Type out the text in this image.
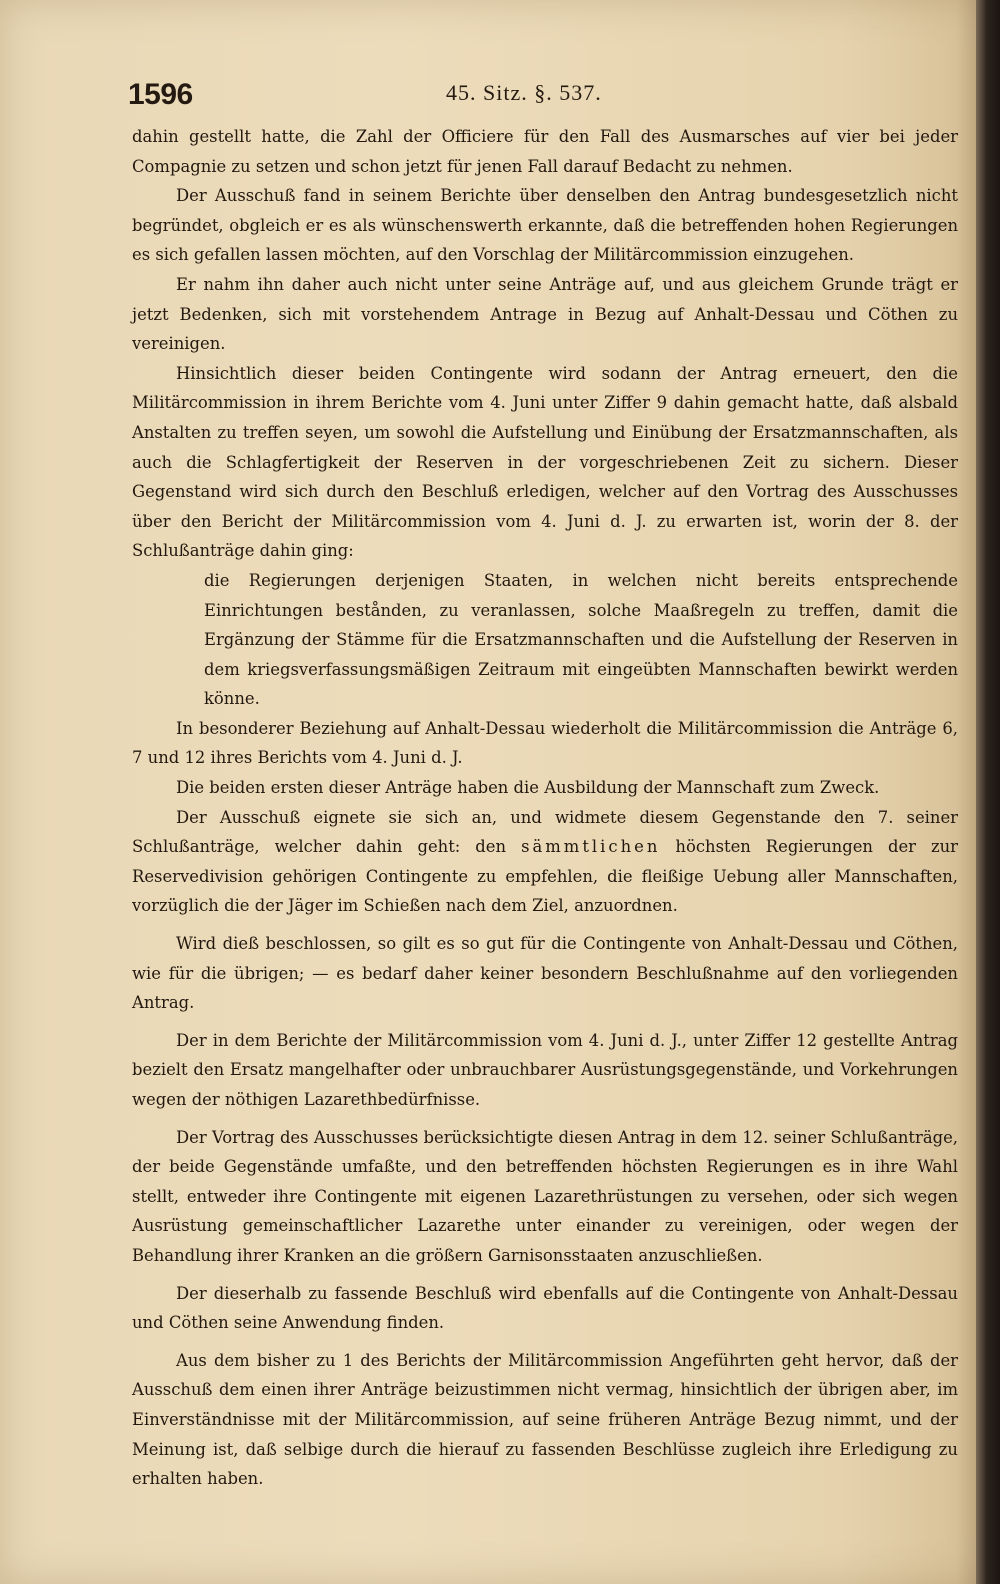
1596	45. Sitz. §. 537.

dahin gestellt hatte, die Zahl der Officiere für den Fall des Ausmarsches auf vier bei jeder Compagnie zu setzen und schon jetzt für jenen Fall darauf Bedacht zu nehmen.

Der Ausschuß fand in seinem Berichte über denselben den Antrag bundesgesetzlich nicht begründet, obgleich er es als wünschenswerth erkannte, daß die betreffenden hohen Regierungen es sich gefallen lassen möchten, auf den Vorschlag der Militärcommission einzugehen.

Er nahm ihn daher auch nicht unter seine Anträge auf, und aus gleichem Grunde trägt er jetzt Bedenken, sich mit vorstehendem Antrage in Bezug auf Anhalt-Dessau und Cöthen zu vereinigen.

Hinsichtlich dieser beiden Contingente wird sodann der Antrag erneuert, den die Militärcommission in ihrem Berichte vom 4. Juni unter Ziffer 9 dahin gemacht hatte, daß alsbald Anstalten zu treffen seyen, um sowohl die Aufstellung und Einübung der Ersatzmannschaften, als auch die Schlagfertigkeit der Reserven in der vorgeschriebenen Zeit zu sichern. Dieser Gegenstand wird sich durch den Beschluß erledigen, welcher auf den Vortrag des Ausschusses über den Bericht der Militärcommission vom 4. Juni d. J. zu erwarten ist, worin der 8. der Schlußanträge dahin ging:

die Regierungen derjenigen Staaten, in welchen nicht bereits entsprechende Einrichtungen bestånden, zu veranlassen, solche Maaßregeln zu treffen, damit die Ergänzung der Stämme für die Ersatzmannschaften und die Aufstellung der Reserven in dem kriegsverfassungsmäßigen Zeitraum mit eingeübten Mannschaften bewirkt werden könne.

In besonderer Beziehung auf Anhalt-Dessau wiederholt die Militärcommission die Anträge 6, 7 und 12 ihres Berichts vom 4. Juni d. J.

Die beiden ersten dieser Anträge haben die Ausbildung der Mannschaft zum Zweck.

Der Ausschuß eignete sie sich an, und widmete diesem Gegenstande den 7. seiner Schlußanträge, welcher dahin geht: den sämmtlichen höchsten Regierungen der zur Reservedivision gehörigen Contingente zu empfehlen, die fleißige Uebung aller Mannschaften, vorzüglich die der Jäger im Schießen nach dem Ziel, anzuordnen.

Wird dieß beschlossen, so gilt es so gut für die Contingente von Anhalt-Dessau und Cöthen, wie für die übrigen; — es bedarf daher keiner besondern Beschlußnahme auf den vorliegenden Antrag.

Der in dem Berichte der Militärcommission vom 4. Juni d. J., unter Ziffer 12 gestellte Antrag bezielt den Ersatz mangelhafter oder unbrauchbarer Ausrüstungsgegenstände, und Vorkehrungen wegen der nöthigen Lazarethbedürfnisse.

Der Vortrag des Ausschusses berücksichtigte diesen Antrag in dem 12. seiner Schlußanträge, der beide Gegenstände umfaßte, und den betreffenden höchsten Regierungen es in ihre Wahl stellt, entweder ihre Contingente mit eigenen Lazarethrüstungen zu versehen, oder sich wegen Ausrüstung gemeinschaftlicher Lazarethe unter einander zu vereinigen, oder wegen der Behandlung ihrer Kranken an die größern Garnisonsstaaten anzuschließen.

Der dieserhalb zu fassende Beschluß wird ebenfalls auf die Contingente von Anhalt-Dessau und Cöthen seine Anwendung finden.

Aus dem bisher zu 1 des Berichts der Militärcommission Angeführten geht hervor, daß der Ausschuß dem einen ihrer Anträge beizustimmen nicht vermag, hinsichtlich der übrigen aber, im Einverständnisse mit der Militärcommission, auf seine früheren Anträge Bezug nimmt, und der Meinung ist, daß selbige durch die hierauf zu fassenden Beschlüsse zugleich ihre Erledigung zu erhalten haben.
